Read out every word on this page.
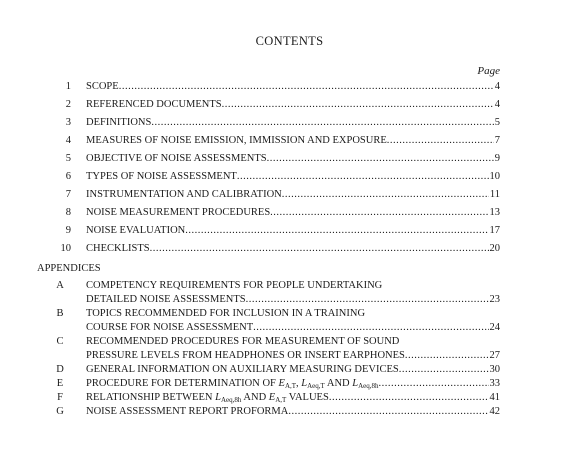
CONTENTS
Page
1 SCOPE .....	4
2 REFERENCED DOCUMENTS .....	4
3 DEFINITIONS .....	5
4 MEASURES OF NOISE EMISSION, IMMISSION AND EXPOSURE .....	7
5 OBJECTIVE OF NOISE ASSESSMENTS .....	9
6 TYPES OF NOISE ASSESSMENT .....	10
7 INSTRUMENTATION AND CALIBRATION .....	11
8 NOISE MEASUREMENT PROCEDURES .....	13
9 NOISE EVALUATION .....	17
10 CHECKLISTS .....	20
APPENDICES
A COMPETENCY REQUIREMENTS FOR PEOPLE UNDERTAKING
DETAILED NOISE ASSESSMENTS .....	23
B TOPICS RECOMMENDED FOR INCLUSION IN A TRAINING
COURSE FOR NOISE ASSESSMENT .....	24
C RECOMMENDED PROCEDURES FOR MEASUREMENT OF SOUND
PRESSURE LEVELS FROM HEADPHONES OR INSERT EARPHONES .....	27
D GENERAL INFORMATION ON AUXILIARY MEASURING DEVICES .....	30
E PROCEDURE FOR DETERMINATION OF $E_{A,T}$, $L_{Aeq,T}$ AND $L_{Aeq,8h}$ .....	33
F RELATIONSHIP BETWEEN $L_{Aeq,8h}$ AND $E_{A,T}$ VALUES .....	41
G NOISE ASSESSMENT REPORT PROFORMA .....	42
